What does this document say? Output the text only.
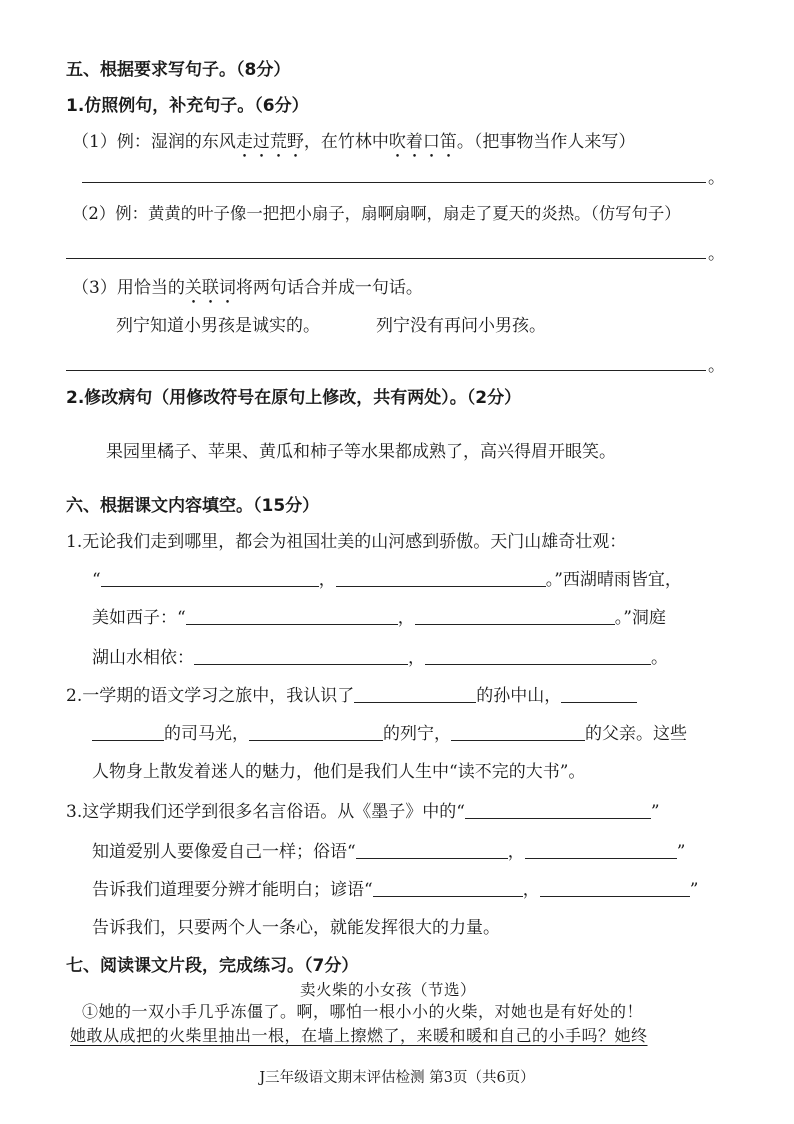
五、根据要求写句子。（8分）
1.仿照例句，补充句子。（6分）
（1）例：湿润的东风走过荒野，在竹林中吹着口笛。（把事物当作人来写）
。
（2）例：黄黄的叶子像一把把小扇子，扇啊扇啊，扇走了夏天的炎热。（仿写句子）
。
（3）用恰当的关联词将两句话合并成一句话。
列宁知道小男孩是诚实的。	列宁没有再问小男孩。
。
2.修改病句（用修改符号在原句上修改，共有两处）。（2分）
果园里橘子、苹果、黄瓜和柿子等水果都成熟了，高兴得眉开眼笑。
六、根据课文内容填空。（15分）
1.无论我们走到哪里，都会为祖国壮美的山河感到骄傲。天门山雄奇壮观：
“	，	。”西湖晴雨皆宜，
美如西子：“	，	。”洞庭
湖山水相依：	，	。
2.一学期的语文学习之旅中，我认识了	的孙中山，
的司马光，	的列宁，	的父亲。这些
人物身上散发着迷人的魅力，他们是我们人生中“读不完的大书”。
3.这学期我们还学到很多名言俗语。从《墨子》中的“	”
知道爱别人要像爱自己一样；俗语“	，	”
告诉我们道理要分辨才能明白；谚语“	，	”
告诉我们，只要两个人一条心，就能发挥很大的力量。
七、阅读课文片段，完成练习。（7分）
卖火柴的小女孩（节选）
①她的一双小手几乎冻僵了。啊，哪怕一根小小的火柴，对她也是有好处的！
她敢从成把的火柴里抽出一根，在墙上擦燃了，来暖和暖和自己的小手吗？她终
J三年级语文期末评估检测 第3页（共6页）
